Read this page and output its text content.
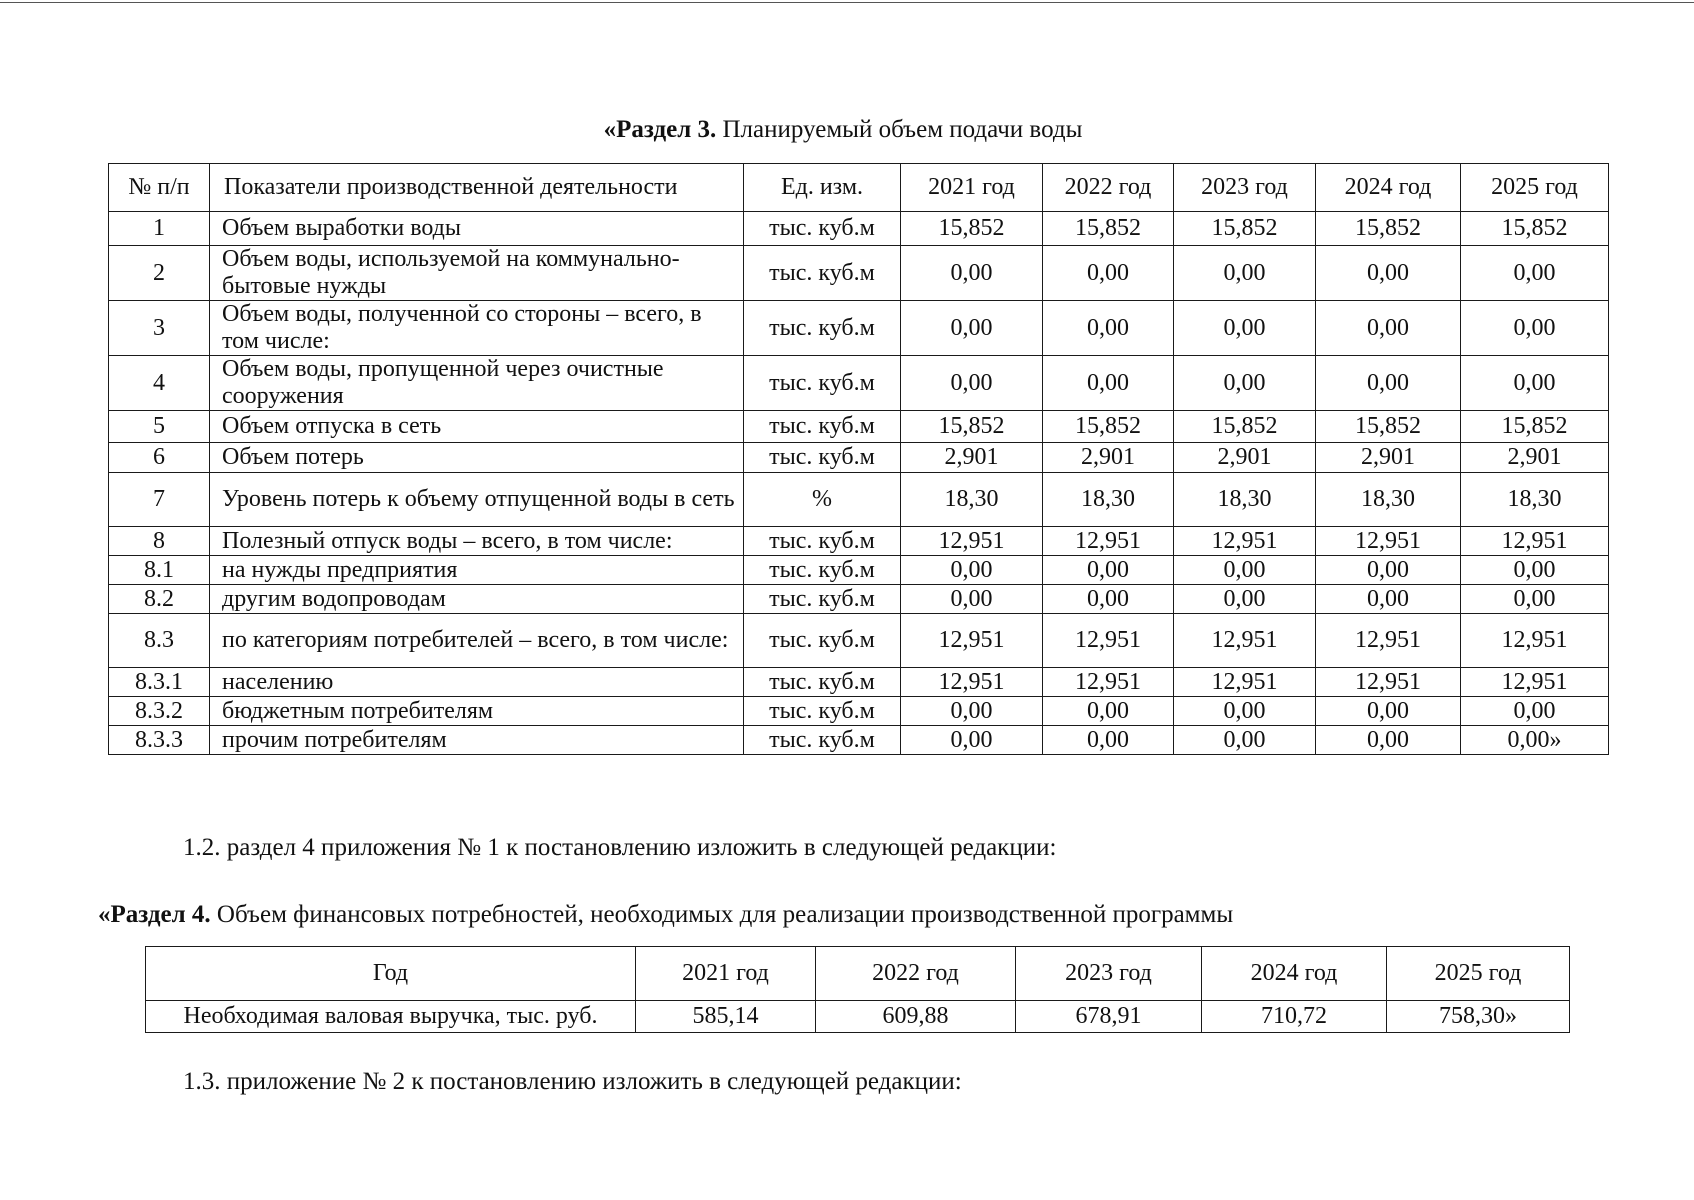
«Раздел 3. Планируемый объем подачи воды
№ п/п	Показатели производственной деятельности	Ед. изм.	2021 год	2022 год	2023 год	2024 год	2025 год
1	Объем выработки воды	тыс. куб.м	15,852	15,852	15,852	15,852	15,852
2	Объем воды, используемой на коммунально-бытовые нужды	тыс. куб.м	0,00	0,00	0,00	0,00	0,00
3	Объем воды, полученной со стороны – всего, в том числе:	тыс. куб.м	0,00	0,00	0,00	0,00	0,00
4	Объем воды, пропущенной через очистные сооружения	тыс. куб.м	0,00	0,00	0,00	0,00	0,00
5	Объем отпуска в сеть	тыс. куб.м	15,852	15,852	15,852	15,852	15,852
6	Объем потерь	тыс. куб.м	2,901	2,901	2,901	2,901	2,901
7	Уровень потерь к объему отпущенной воды в сеть	%	18,30	18,30	18,30	18,30	18,30
8	Полезный отпуск воды – всего, в том числе:	тыс. куб.м	12,951	12,951	12,951	12,951	12,951
8.1	на нужды предприятия	тыс. куб.м	0,00	0,00	0,00	0,00	0,00
8.2	другим водопроводам	тыс. куб.м	0,00	0,00	0,00	0,00	0,00
8.3	по категориям потребителей – всего, в том числе:	тыс. куб.м	12,951	12,951	12,951	12,951	12,951
8.3.1	населению	тыс. куб.м	12,951	12,951	12,951	12,951	12,951
8.3.2	бюджетным потребителям	тыс. куб.м	0,00	0,00	0,00	0,00	0,00
8.3.3	прочим потребителям	тыс. куб.м	0,00	0,00	0,00	0,00	0,00»
1.2. раздел 4 приложения № 1 к постановлению изложить в следующей редакции:
«Раздел 4. Объем финансовых потребностей, необходимых для реализации производственной программы
Год	2021 год	2022 год	2023 год	2024 год	2025 год
Необходимая валовая выручка, тыс. руб.	585,14	609,88	678,91	710,72	758,30»
1.3. приложение № 2 к постановлению изложить в следующей редакции:
